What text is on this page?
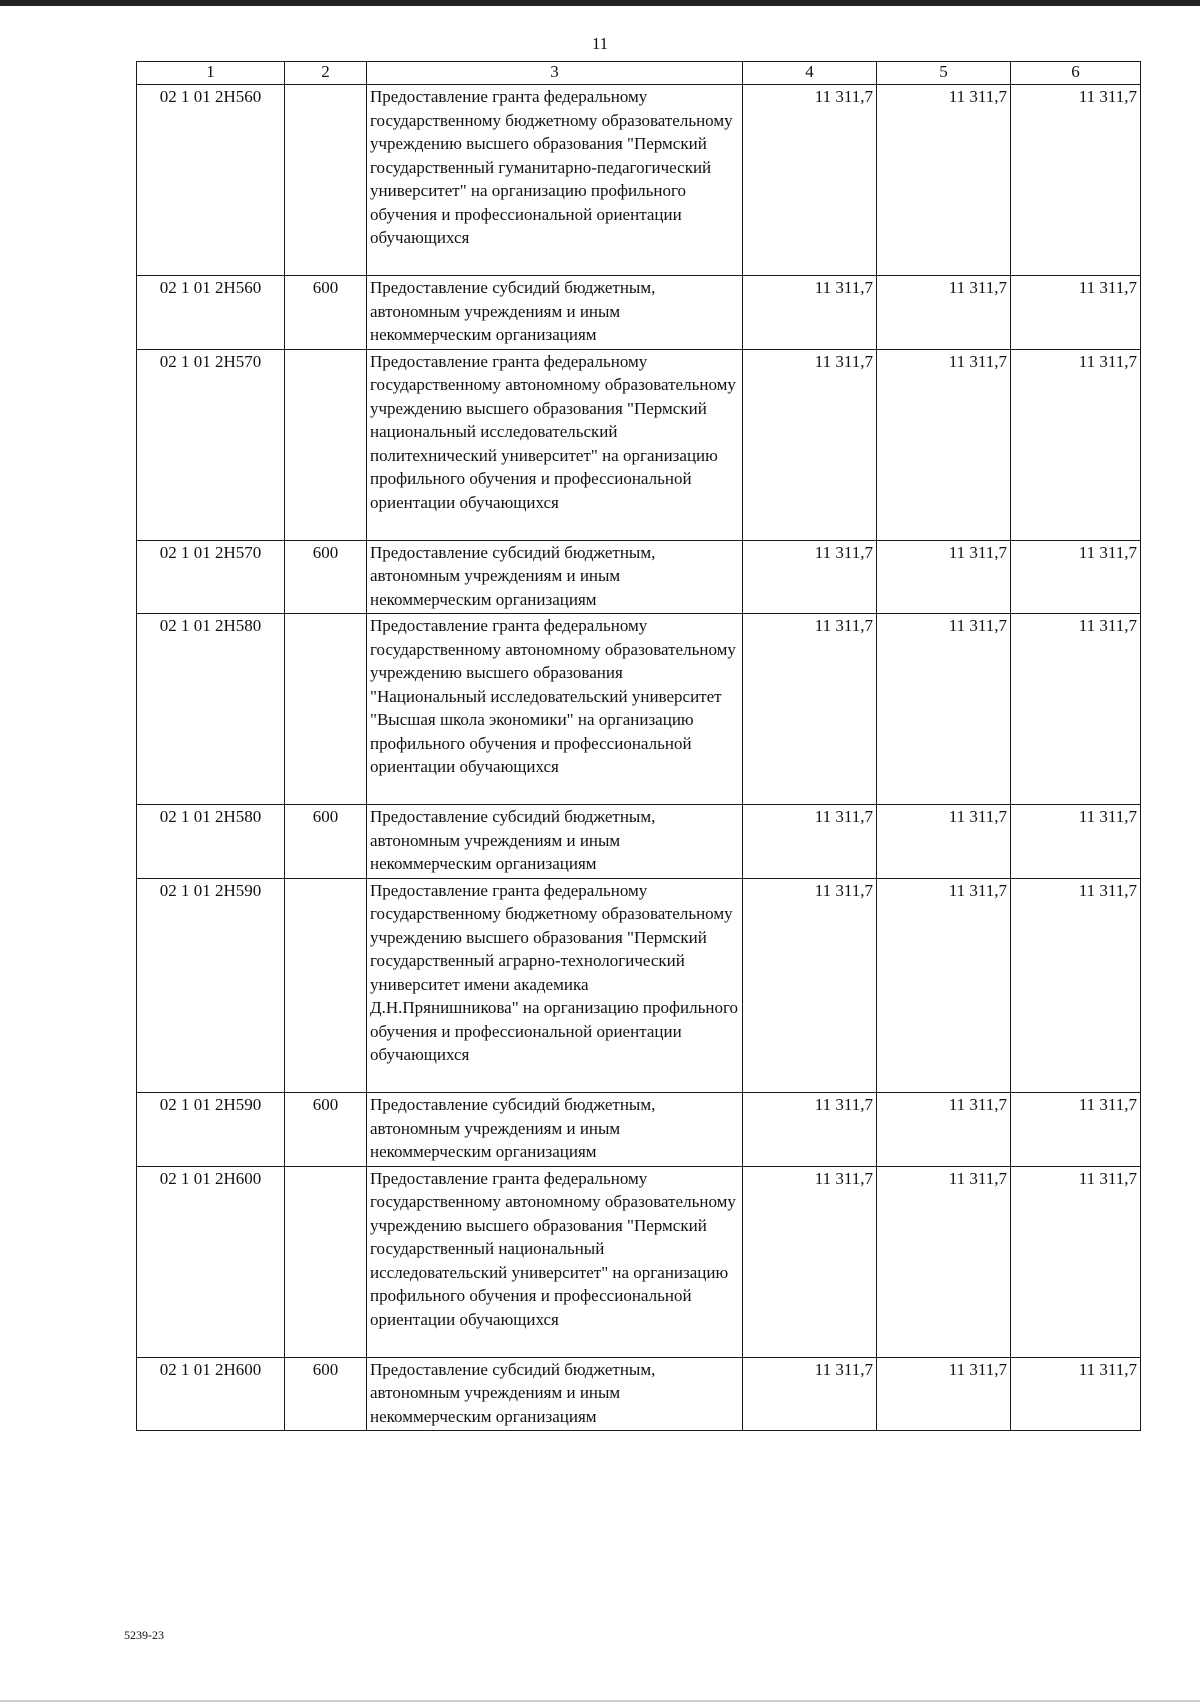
11
1	2	3	4	5	6
02 1 01 2Н560		Предоставление гранта федеральному государственному бюджетному образовательному учреждению высшего образования "Пермский государственный гуманитарно-педагогический университет" на организацию профильного обучения и профессиональной ориентации обучающихся	11 311,7	11 311,7	11 311,7
02 1 01 2Н560	600	Предоставление субсидий бюджетным, автономным учреждениям и иным некоммерческим организациям	11 311,7	11 311,7	11 311,7
02 1 01 2Н570		Предоставление гранта федеральному государственному автономному образовательному учреждению высшего образования "Пермский национальный исследовательский политехнический университет" на организацию профильного обучения и профессиональной ориентации обучающихся	11 311,7	11 311,7	11 311,7
02 1 01 2Н570	600	Предоставление субсидий бюджетным, автономным учреждениям и иным некоммерческим организациям	11 311,7	11 311,7	11 311,7
02 1 01 2Н580		Предоставление гранта федеральному государственному автономному образовательному учреждению высшего образования "Национальный исследовательский университет "Высшая школа экономики" на организацию профильного обучения и профессиональной ориентации обучающихся	11 311,7	11 311,7	11 311,7
02 1 01 2Н580	600	Предоставление субсидий бюджетным, автономным учреждениям и иным некоммерческим организациям	11 311,7	11 311,7	11 311,7
02 1 01 2Н590		Предоставление гранта федеральному государственному бюджетному образовательному учреждению высшего образования "Пермский государственный аграрно-технологический университет имени академика Д.Н.Прянишникова" на организацию профильного обучения и профессиональной ориентации обучающихся	11 311,7	11 311,7	11 311,7
02 1 01 2Н590	600	Предоставление субсидий бюджетным, автономным учреждениям и иным некоммерческим организациям	11 311,7	11 311,7	11 311,7
02 1 01 2Н600		Предоставление гранта федеральному государственному автономному образовательному учреждению высшего образования "Пермский государственный национальный исследовательский университет" на организацию профильного обучения и профессиональной ориентации обучающихся	11 311,7	11 311,7	11 311,7
02 1 01 2Н600	600	Предоставление субсидий бюджетным, автономным учреждениям и иным некоммерческим организациям	11 311,7	11 311,7	11 311,7
5239-23
